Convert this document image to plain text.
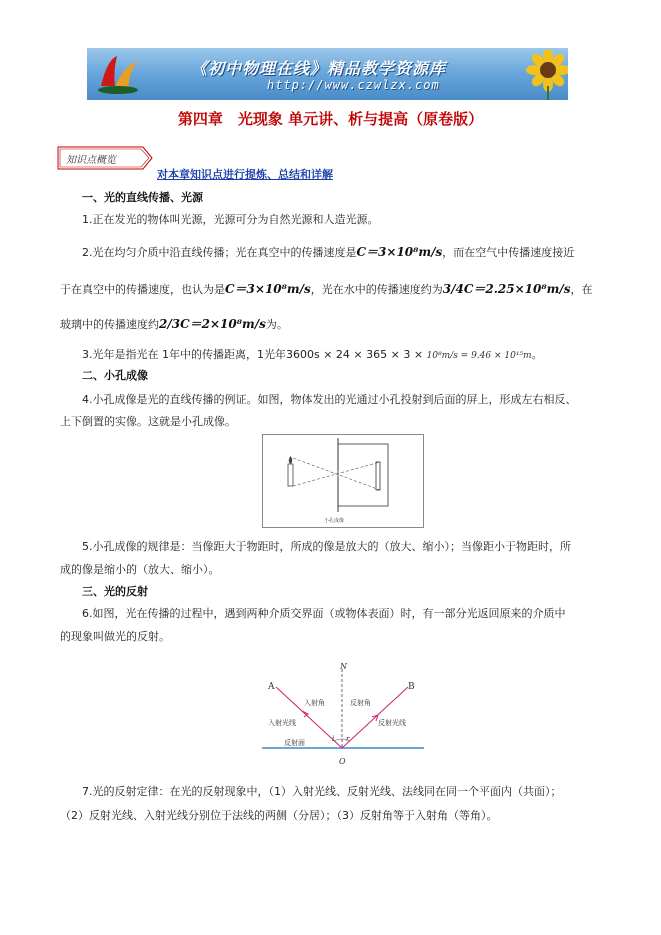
《初中物理在线》精品教学资源库
http://www.czwlzx.com
第四章　光现象 单元讲、析与提高（原卷版）
知识点概览
对本章知识点进行提炼、总结和详解
一、光的直线传播、光源
1.正在发光的物体叫光源，光源可分为自然光源和人造光源。
2.光在均匀介质中沿直线传播；光在真空中的传播速度是C＝3×10⁸m/s，而在空气中传播速度接近
于在真空中的传播速度，也认为是C＝3×10⁸m/s，光在水中的传播速度约为3/4C＝2.25×10⁸m/s，在
玻璃中的传播速度约2/3C＝2×10⁸m/s为。
3.光年是指光在 1年中的传播距离，1光年3600s × 24 × 365 × 3 × 10⁸m/s = 9.46 × 10¹⁵m。
二、小孔成像
4.小孔成像是光的直线传播的例证。如图，物体发出的光通过小孔投射到后面的屏上，形成左右相反、
上下倒置的实像。这就是小孔成像。
小孔成像
5.小孔成像的规律是：当像距大于物距时，所成的像是放大的（放大、缩小）；当像距小于物距时，所
成的像是缩小的（放大、缩小）。
三、光的反射
6.如图，光在传播的过程中，遇到两种介质交界面（或物体表面）时，有一部分光返回原来的介质中
的现象叫做光的反射。
N
A	B
O
i r
入射角	反射角
入射光线	反射光线
反射面
7.光的反射定律：在光的反射现象中，（1）入射光线、反射光线、法线同在同一个平面内（共面）；
（2）反射光线、入射光线分别位于法线的两侧（分居）；（3）反射角等于入射角（等角）。
